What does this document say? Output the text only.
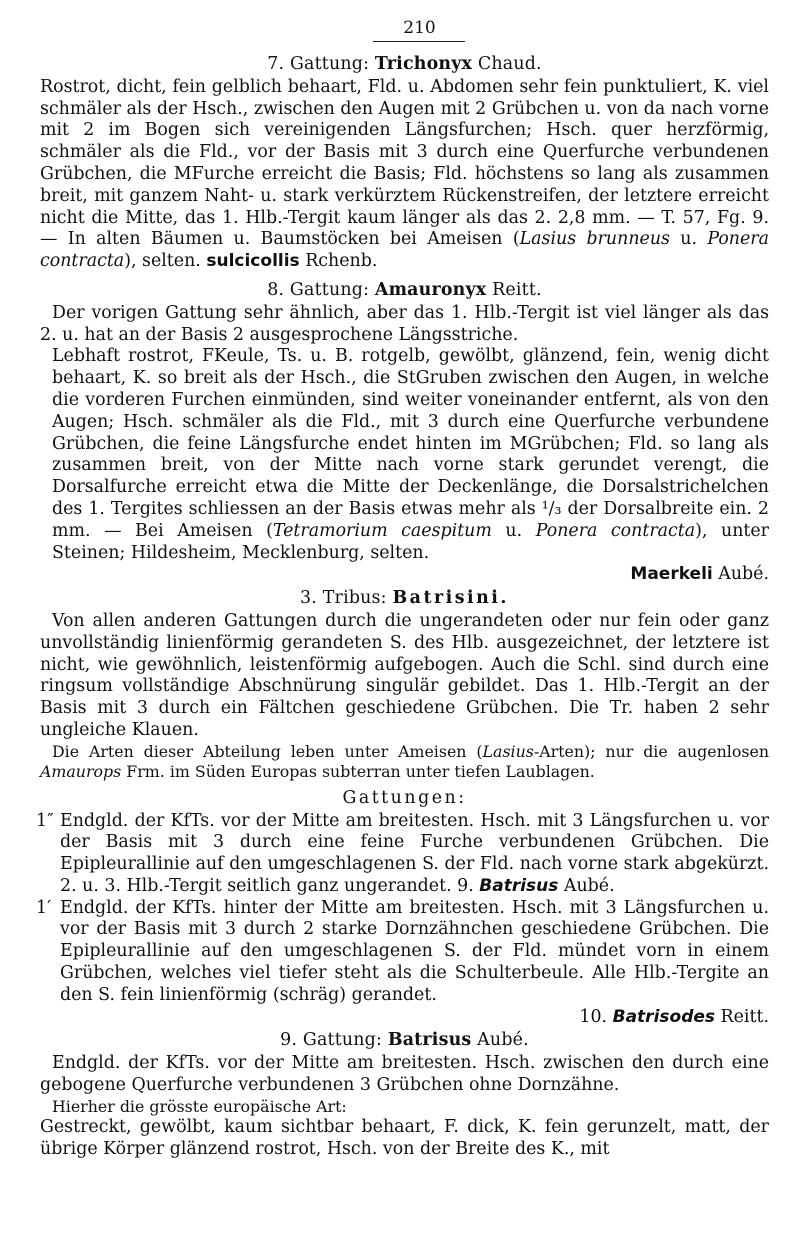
210
7. Gattung: Trichonyx Chaud.

Rostrot, dicht, fein gelblich behaart, Fld. u. Abdomen sehr fein punktuliert, K. viel schmäler als der Hsch., zwischen den Augen mit 2 Grübchen u. von da nach vorne mit 2 im Bogen sich vereinigenden Längsfurchen; Hsch. quer herzförmig, schmäler als die Fld., vor der Basis mit 3 durch eine Querfurche verbundenen Grübchen, die MFurche erreicht die Basis; Fld. höchstens so lang als zusammen breit, mit ganzem Naht- u. stark verkürztem Rückenstreifen, der letztere erreicht nicht die Mitte, das 1. Hlb.-Tergit kaum länger als das 2. 2,8 mm. — T. 57, Fg. 9. — In alten Bäumen u. Baumstöcken bei Ameisen (Lasius brunneus u. Ponera contracta), selten. sulcicollis Rchenb.

8. Gattung: Amauronyx Reitt.

Der vorigen Gattung sehr ähnlich, aber das 1. Hlb.-Tergit ist viel länger als das 2. u. hat an der Basis 2 ausgesprochene Längsstriche.

Lebhaft rostrot, FKeule, Ts. u. B. rotgelb, gewölbt, glänzend, fein, wenig dicht behaart, K. so breit als der Hsch., die StGruben zwischen den Augen, in welche die vorderen Furchen einmünden, sind weiter voneinander entfernt, als von den Augen; Hsch. schmäler als die Fld., mit 3 durch eine Querfurche verbundene Grübchen, die feine Längsfurche endet hinten im MGrübchen; Fld. so lang als zusammen breit, von der Mitte nach vorne stark gerundet verengt, die Dorsalfurche erreicht etwa die Mitte der Deckenlänge, die Dorsalstrichelchen des 1. Tergites schliessen an der Basis etwas mehr als ¹/₃ der Dorsalbreite ein. 2 mm. — Bei Ameisen (Tetramorium caespitum u. Ponera contracta), unter Steinen; Hildesheim, Mecklenburg, selten.

Maerkeli Aubé.

3. Tribus: Batrisini.

Von allen anderen Gattungen durch die ungerandeten oder nur fein oder ganz unvollständig linienförmig gerandeten S. des Hlb. ausgezeichnet, der letztere ist nicht, wie gewöhnlich, leistenförmig aufgebogen. Auch die Schl. sind durch eine ringsum vollständige Abschnürung singulär gebildet. Das 1. Hlb.-Tergit an der Basis mit 3 durch ein Fältchen geschiedene Grübchen. Die Tr. haben 2 sehr ungleiche Klauen.

Die Arten dieser Abteilung leben unter Ameisen (Lasius-Arten); nur die augenlosen Amaurops Frm. im Süden Europas subterran unter tiefen Laublagen.

Gattungen:
1″ Endgld. der KfTs. vor der Mitte am breitesten. Hsch. mit 3 Längsfurchen u. vor der Basis mit 3 durch eine feine Furche verbundenen Grübchen. Die Epipleurallinie auf den umgeschlagenen S. der Fld. nach vorne stark abgekürzt. 2. u. 3. Hlb.-Tergit seitlich ganz ungerandet. 9. Batrisus Aubé.
1′ Endgld. der KfTs. hinter der Mitte am breitesten. Hsch. mit 3 Längsfurchen u. vor der Basis mit 3 durch 2 starke Dornzähnchen geschiedene Grübchen. Die Epipleurallinie auf den umgeschlagenen S. der Fld. mündet vorn in einem Grübchen, welches viel tiefer steht als die Schulterbeule. Alle Hlb.-Tergite an den S. fein linienförmig (schräg) gerandet.

10. Batrisodes Reitt.

9. Gattung: Batrisus Aubé.

Endgld. der KfTs. vor der Mitte am breitesten. Hsch. zwischen den durch eine gebogene Querfurche verbundenen 3 Grübchen ohne Dornzähne.

Hierher die grösste europäische Art:

Gestreckt, gewölbt, kaum sichtbar behaart, F. dick, K. fein gerunzelt, matt, der übrige Körper glänzend rostrot, Hsch. von der Breite des K., mit
